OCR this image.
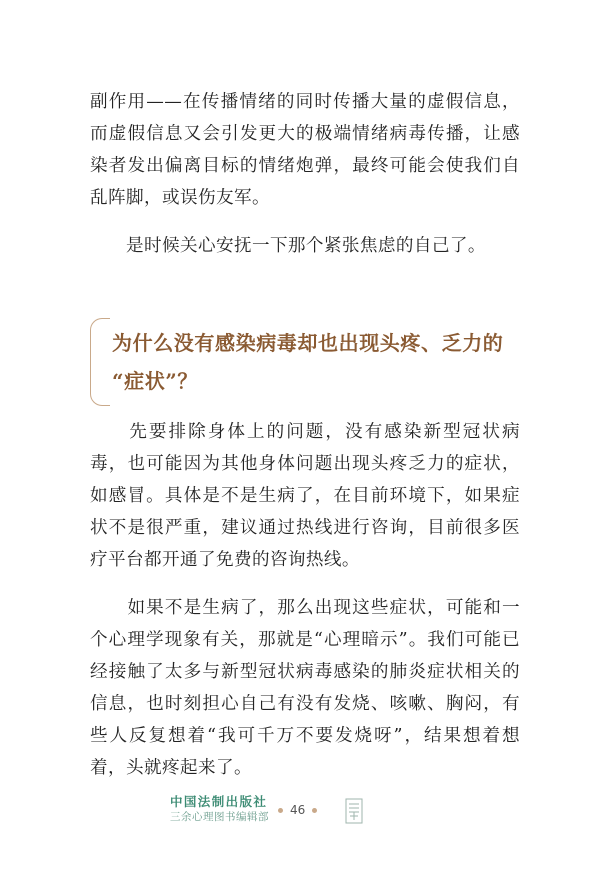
副作用——在传播情绪的同时传播大量的虚假信息，而虚假信息又会引发更大的极端情绪病毒传播，让感染者发出偏离目标的情绪炮弹，最终可能会使我们自乱阵脚，或误伤友军。

　　是时候关心安抚一下那个紧张焦虑的自己了。

为什么没有感染病毒却也出现头疼、乏力的
“症状”？

　　先要排除身体上的问题，没有感染新型冠状病毒，也可能因为其他身体问题出现头疼乏力的症状，如感冒。具体是不是生病了，在目前环境下，如果症状不是很严重，建议通过热线进行咨询，目前很多医疗平台都开通了免费的咨询热线。

　　如果不是生病了，那么出现这些症状，可能和一个心理学现象有关，那就是“心理暗示”。我们可能已经接触了太多与新型冠状病毒感染的肺炎症状相关的信息，也时刻担心自己有没有发烧、咳嗽、胸闷，有些人反复想着“我可千万不要发烧呀”，结果想着想着，头就疼起来了。

中国法制出版社
三余心理图书编辑部 46
